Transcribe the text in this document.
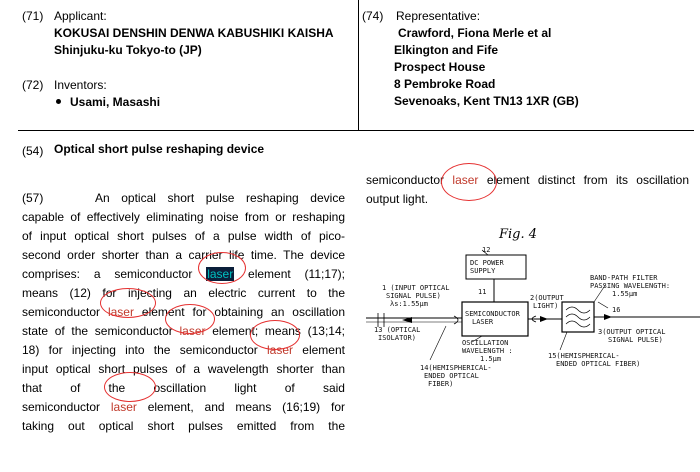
(71) Applicant:
KOKUSAI DENSHIN DENWA KABUSHIKI KAISHA
Shinjuku-ku Tokyo-to (JP)
(72) Inventors:
Usami, Masashi
(74) Representative:
Crawford, Fiona Merle et al
Elkington and Fife
Prospect House
8 Pembroke Road
Sevenoaks, Kent TN13 1XR (GB)
(54) Optical short pulse reshaping device
(57)	An optical short pulse reshaping device
capable of effectively eliminating noise from or reshaping
of input optical short pulses of a pulse width of pico-
second order shorter than a carrier life time. The device
comprises: a semiconductor laser element (11;17);
means (12) for injecting an electric current to the
semiconductor laser element for obtaining an oscillation
state of the semiconductor laser element; means (13;14;
18) for injecting into the semiconductor laser element
input optical short pulses of a wavelength shorter than
that of the oscillation light of said
semiconductor laser element, and means (16;19) for
taking out optical short pulses emitted from the
semiconductor laser element distinct from its oscillation
output light.
Fig. 4
12
DC POWER
SUPPLY
11
1 (INPUT OPTICAL
SIGNAL PULSE)
λs:1.55μm
13 (OPTICAL
ISOLATOR)
SEMICONDUCTOR
LASER
2(OUTPUT
LIGHT)
BAND-PATH FILTER
PASSING WAVELENGTH:
1.55μm
16
3(OUTPUT OPTICAL
SIGNAL PULSE)
OSCILLATION
WAVELENGTH :
1.5μm	15(HEMISPHERICAL-
ENDED OPTICAL FIBER)
14(HEMISPHERICAL-
ENDED OPTICAL
FIBER)
